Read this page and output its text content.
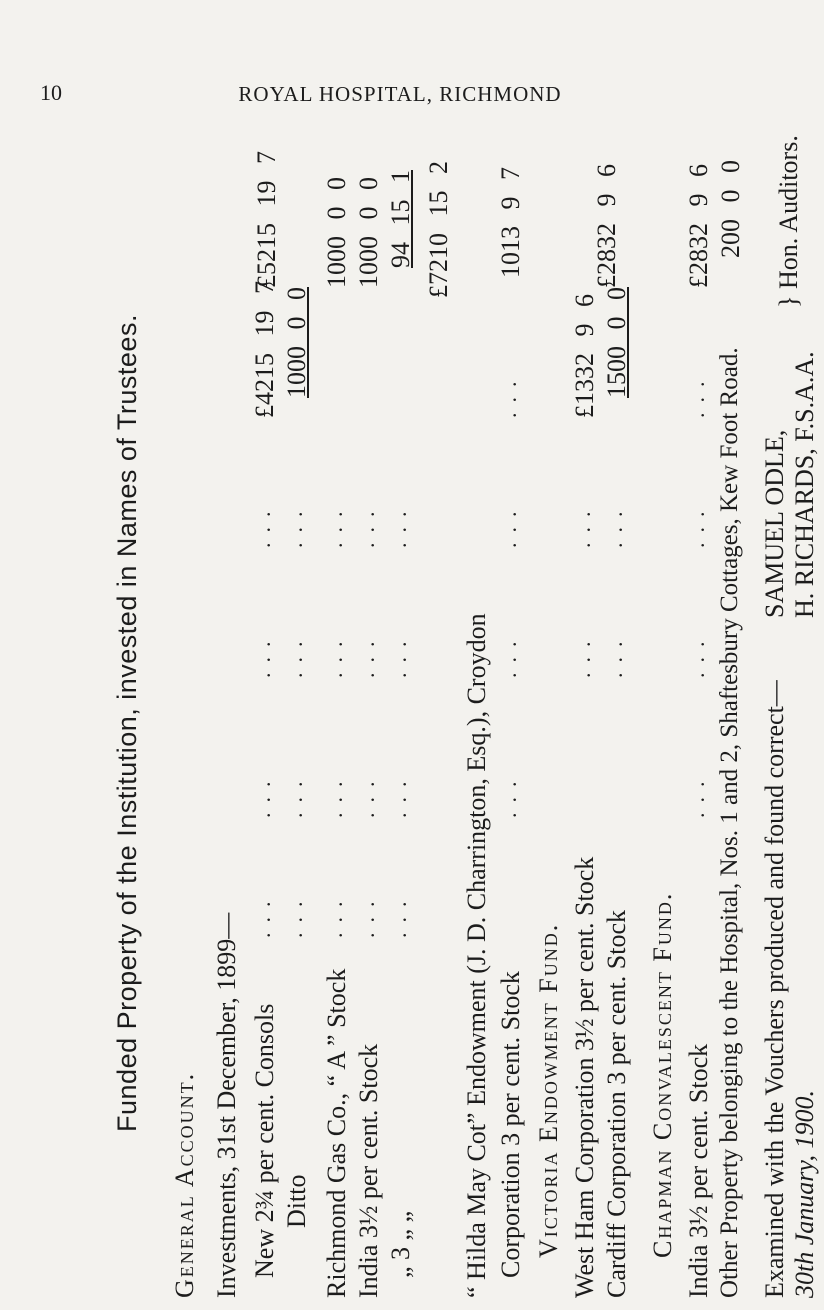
10	ROYAL HOSPITAL, RICHMOND
Funded Property of the Institution, invested in Names of Trustees.
General Account. Investments, 31st December, 1899— New 2¾ per cent. Consols
...
...
...
...
£4215 19 7
Ditto
...
...
...
...
1000 0 0
£5215 19 7
Richmond Gas Co., “ A ” Stock
...
...
...
...
1000 0 0
India 3½ per cent. Stock
...
...
...
...
1000 0 0
„ 3 „ „
...
...
...
...
94 15 1 £7210 15 2
“ Hilda May Cot” Endowment (J. D. Charrington, Esq.), Croydon Corporation 3 per cent. Stock
...
...
...
...
1013 9 7
Victoria Endowment Fund. West Ham Corporation 3½ per cent. Stock
...
...
£1332 9 6
Cardiff Corporation 3 per cent. Stock
...
...
1500 0 0
£2832 9 6
Chapman Convalescent Fund. India 3½ per cent. Stock
...
...
...
...
£2832 9 6
Other Property belonging to the Hospital, Nos. 1 and 2, Shaftesbury Cottages, Kew Foot Road.
200 0 0
Examined with the Vouchers produced and found correct—
SAMUEL ODLE,
30th January, 1900.
H. RICHARDS, F.S.A.A.
} Hon. Auditors.
